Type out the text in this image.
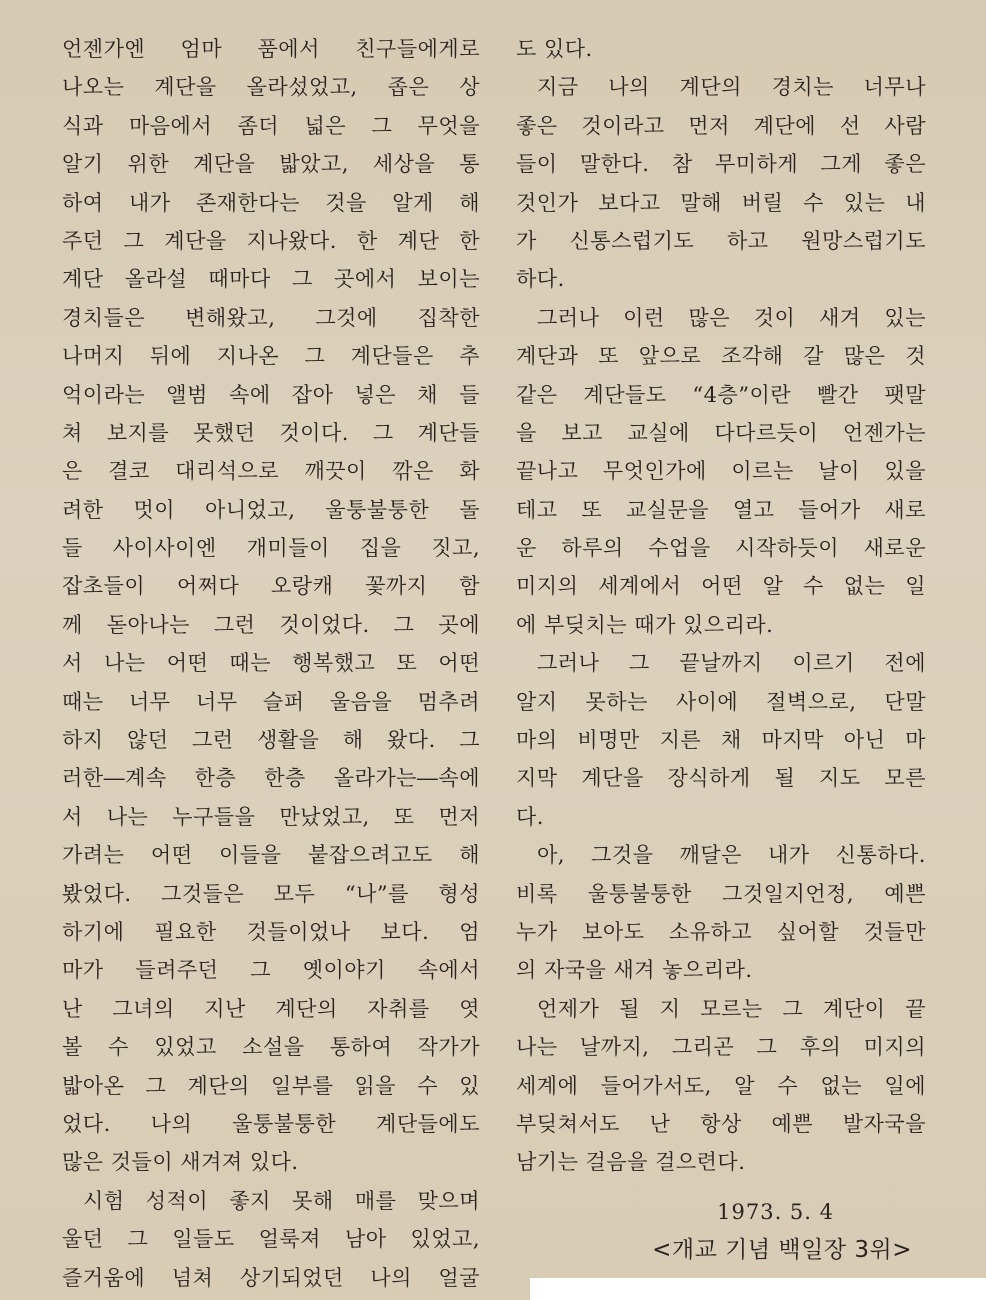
언젠가엔 엄마 품에서 친구들에게로
나오는 계단을 올라섰었고, 좁은 상
식과 마음에서 좀더 넓은 그 무엇을
알기 위한 계단을 밟았고, 세상을 통
하여 내가 존재한다는 것을 알게 해
주던 그 계단을 지나왔다. 한 계단 한
계단 올라설 때마다 그 곳에서 보이는
경치들은 변해왔고, 그것에 집착한
나머지 뒤에 지나온 그 계단들은 추
억이라는 앨범 속에 잡아 넣은 채 들
쳐 보지를 못했던 것이다. 그 계단들
은 결코 대리석으로 깨끗이 깎은 화
려한 멋이 아니었고, 울퉁불퉁한 돌
들 사이사이엔 개미들이 집을 짓고,
잡초들이 어쩌다 오랑캐 꽃까지 함
께 돋아나는 그런 것이었다. 그 곳에
서 나는 어떤 때는 행복했고 또 어떤
때는 너무 너무 슬퍼 울음을 멈추려
하지 않던 그런 생활을 해 왔다. 그
러한―계속 한층 한층 올라가는―속에
서 나는 누구들을 만났었고, 또 먼저
가려는 어떤 이들을 붙잡으려고도 해
봤었다. 그것들은 모두 “나”를 형성
하기에 필요한 것들이었나 보다. 엄
마가 들려주던 그 옛이야기 속에서
난 그녀의 지난 계단의 자취를 엿
볼 수 있었고 소설을 통하여 작가가
밟아온 그 계단의 일부를 읽을 수 있
었다. 나의 울퉁불퉁한 계단들에도
많은 것들이 새겨져 있다.
시험 성적이 좋지 못해 매를 맞으며
울던 그 일들도 얼룩져 남아 있었고,
즐거움에 넘쳐 상기되었던 나의 얼굴
도 있다.
지금 나의 계단의 경치는 너무나
좋은 것이라고 먼저 계단에 선 사람
들이 말한다. 참 무미하게 그게 좋은
것인가 보다고 말해 버릴 수 있는 내
가 신통스럽기도 하고 원망스럽기도
하다.
그러나 이런 많은 것이 새겨 있는
계단과 또 앞으로 조각해 갈 많은 것
같은 계단들도 “4층”이란 빨간 팻말
을 보고 교실에 다다르듯이 언젠가는
끝나고 무엇인가에 이르는 날이 있을
테고 또 교실문을 열고 들어가 새로
운 하루의 수업을 시작하듯이 새로운
미지의 세계에서 어떤 알 수 없는 일
에 부딪치는 때가 있으리라.
그러나 그 끝날까지 이르기 전에
알지 못하는 사이에 절벽으로, 단말
마의 비명만 지른 채 마지막 아닌 마
지막 계단을 장식하게 될 지도 모른
다.
아, 그것을 깨달은 내가 신통하다.
비록 울퉁불퉁한 그것일지언정, 예쁜
누가 보아도 소유하고 싶어할 것들만
의 자국을 새겨 놓으리라.
언제가 될 지 모르는 그 계단이 끝
나는 날까지, 그리곤 그 후의 미지의
세계에 들어가서도, 알 수 없는 일에
부딪쳐서도 난 항상 예쁜 발자국을
남기는 걸음을 걸으련다.
1973. 5. 4
<개교 기념 백일장 3위>
